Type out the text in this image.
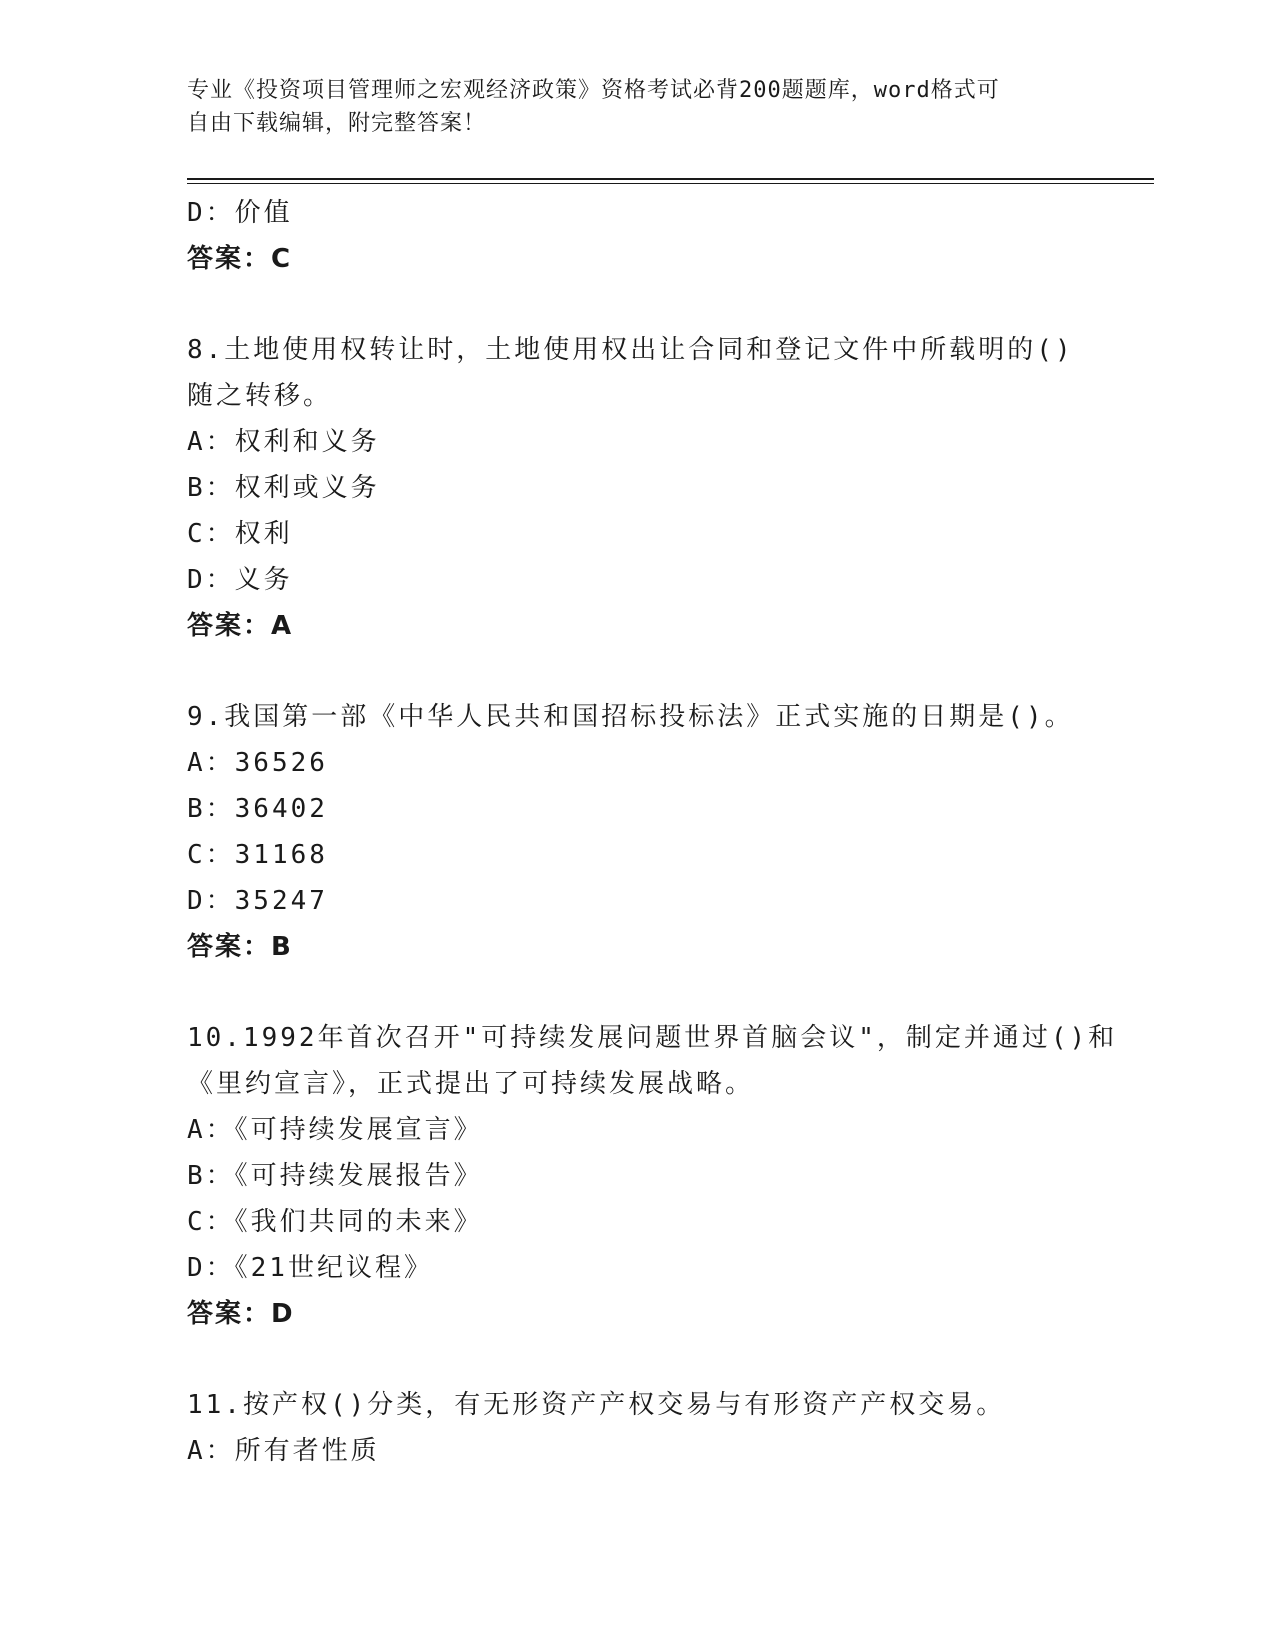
专业《投资项目管理师之宏观经济政策》资格考试必背200题题库，word格式可
自由下载编辑，附完整答案！
D：价值
答案：C
8.土地使用权转让时，土地使用权出让合同和登记文件中所载明的()
随之转移。
A：权利和义务
B：权利或义务
C：权利
D：义务
答案：A
9.我国第一部《中华人民共和国招标投标法》正式实施的日期是()。
A：36526
B：36402
C：31168
D：35247
答案：B
10.1992年首次召开"可持续发展问题世界首脑会议"，制定并通过()和
《里约宣言》，正式提出了可持续发展战略。
A：《可持续发展宣言》
B：《可持续发展报告》
C：《我们共同的未来》
D：《21世纪议程》
答案：D
11.按产权()分类，有无形资产产权交易与有形资产产权交易。
A：所有者性质
